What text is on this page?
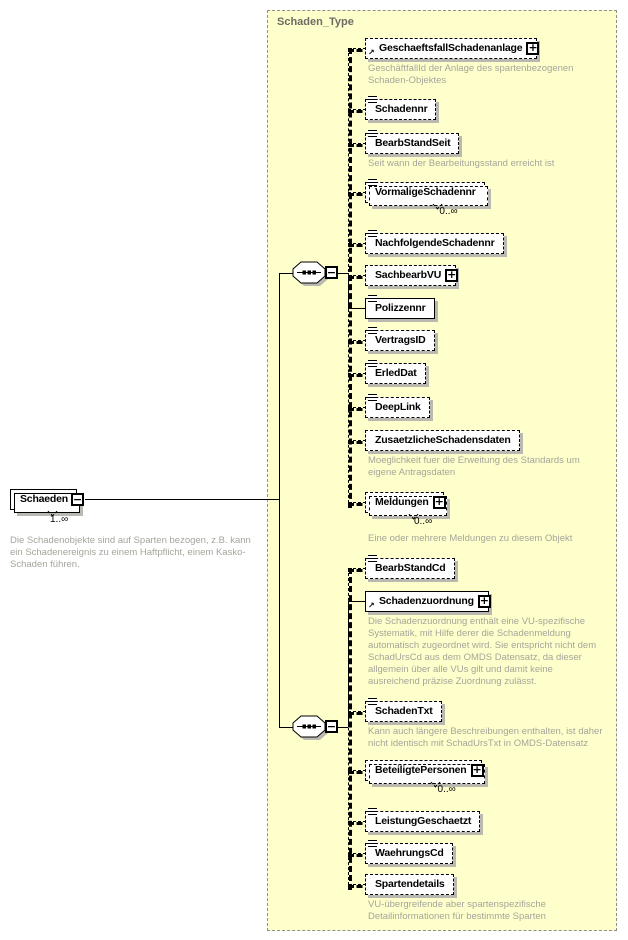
Schaden_Type
−
−
Schaeden
−
1..∞
Die Schadenobjekte sind auf Sparten bezogen, z.B. kann ein Schadenereignis zu einem Haftpflicht, einem Kasko-Schaden führen.
↗
GeschaeftsfallSchadenanlage
+
GeschäftfallId der Anlage des spartenbezogenen Schaden-Objektes
Schadennr
BearbStandSeit
Seit wann der Bearbeitungsstand erreicht ist
VormaligeSchadennr
0..∞
NachfolgendeSchadennr
SachbearbVU
+
Polizzennr
VertragsID
ErledDat
DeepLink
ZusaetzlicheSchadensdaten
Moeglichkeit fuer die Erweitung des Standards um eigene Antragsdaten
Meldungen
+
0..∞
Eine oder mehrere Meldungen zu diesem Objekt
BearbStandCd
↗
Schadenzuordnung
+
Die Schadenzuordnung enthält eine VU-spezifische Systematik, mit Hilfe derer die Schadenmeldung automatisch zugeordnet wird. Sie entspricht nicht dem SchadUrsCd aus dem OMDS Datensatz, da dieser allgemein über alle VUs gilt und damit keine ausreichend präzise Zuordnung zulässt.
SchadenTxt
Kann auch längere Beschreibungen enthalten, ist daher nicht identisch mit SchadUrsTxt in OMDS-Datensatz
BeteiligtePersonen
+
0..∞
LeistungGeschaetzt
WaehrungsCd
Spartendetails
VU-übergreifende aber spartenspezifische Detailinformationen für bestimmte Sparten
